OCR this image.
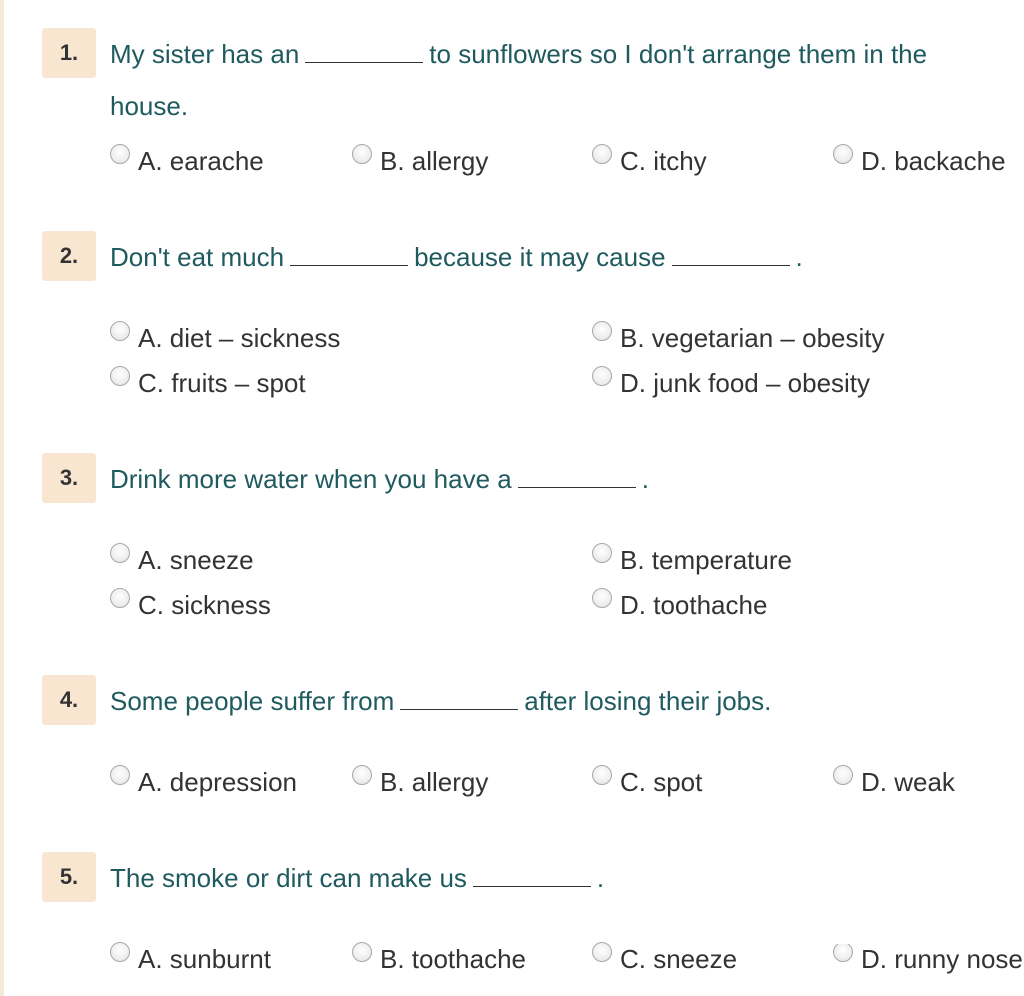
1.	My sister has an	to sunflowers so I don't arrange them in the house.
A. earache	B. allergy	C. itchy	D. backache
2.	Don't eat much	because it may cause	.
A. diet – sickness	B. vegetarian – obesity
C. fruits – spot	D. junk food – obesity
3.	Drink more water when you have a	.
A. sneeze	B. temperature
C. sickness	D. toothache
4.	Some people suffer from	after losing their jobs.
A. depression	B. allergy	C. spot	D. weak
5.	The smoke or dirt can make us	.
A. sunburnt	B. toothache	C. sneeze	D. runny nose
